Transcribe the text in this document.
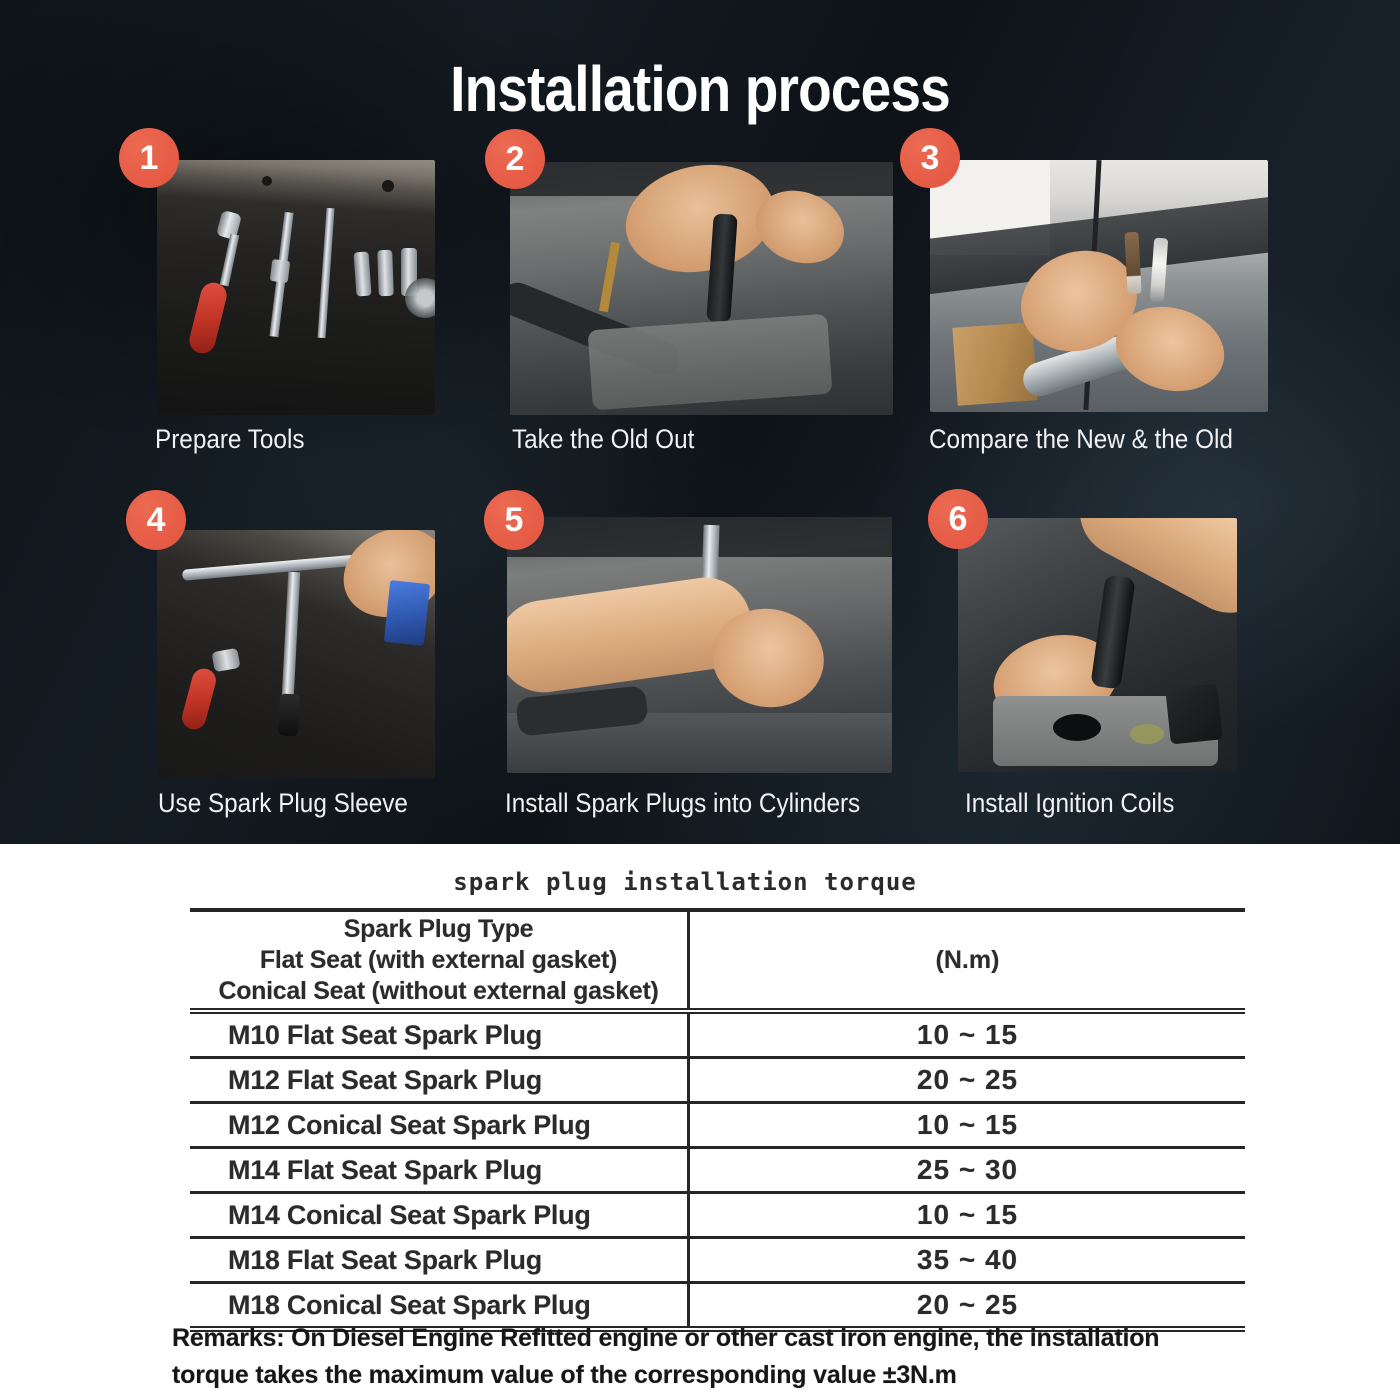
Installation process
1
Prepare Tools
2
Take the Old Out
3
Compare the New & the Old
4
Use Spark Plug Sleeve
5
Install Spark Plugs into Cylinders
6
Install Ignition Coils
spark plug installation torque
Spark Plug Type
Flat Seat (with external gasket)
Conical Seat (without external gasket)	(N.m)
M10 Flat Seat Spark Plug	10 ~ 15
M12 Flat Seat Spark Plug	20 ~ 25
M12 Conical Seat Spark Plug	10 ~ 15
M14 Flat Seat Spark Plug	25 ~ 30
M14 Conical Seat Spark Plug	10 ~ 15
M18 Flat Seat Spark Plug	35 ~ 40
M18 Conical Seat Spark Plug	20 ~ 25
Remarks: On Diesel Engine Refitted engine or other cast iron engine, the installation
torque takes the maximum value of the corresponding value ±3N.m
